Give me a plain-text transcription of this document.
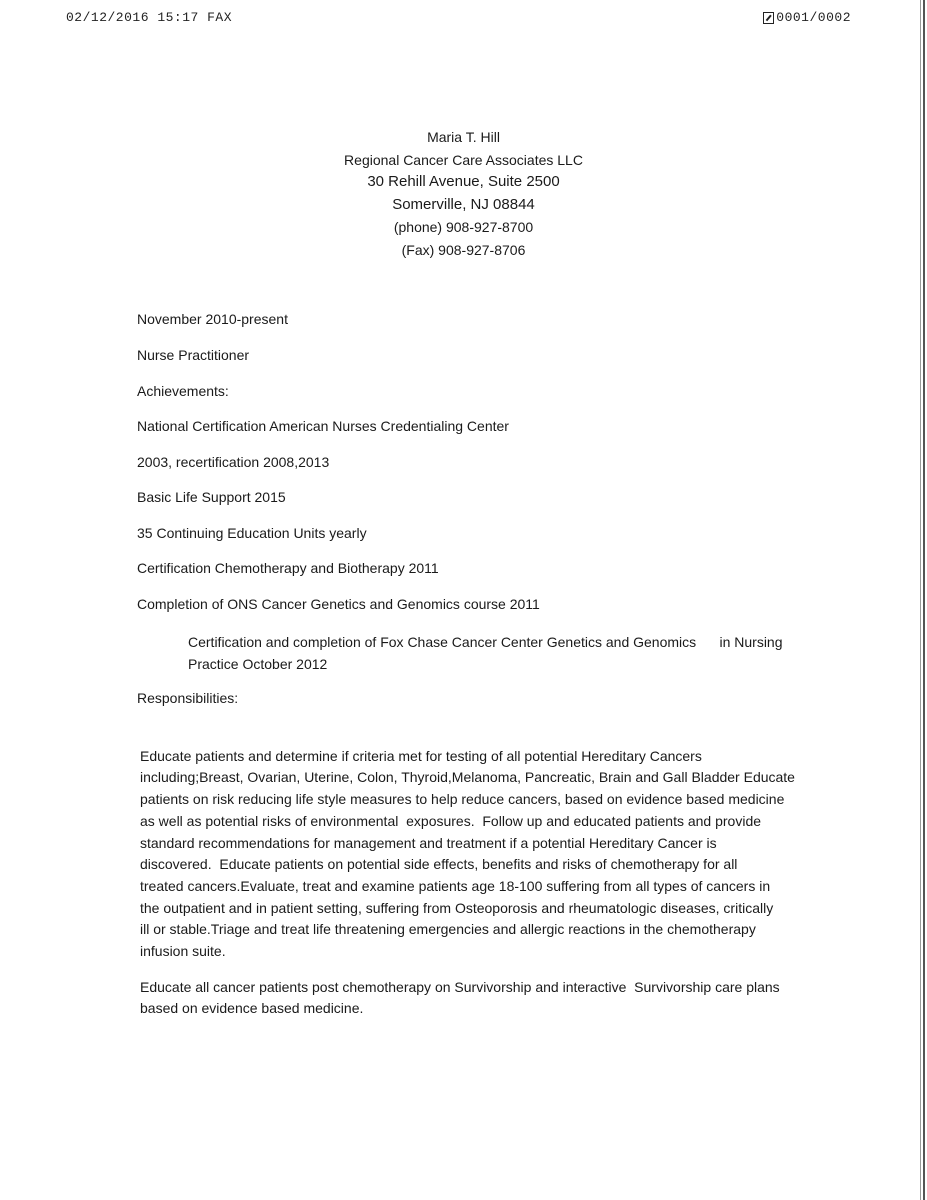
02/12/2016 15:17 FAX	0001/0002
Maria T. Hill
Regional Cancer Care Associates LLC
30 Rehill Avenue, Suite 2500
Somerville, NJ 08844
(phone) 908-927-8700
(Fax) 908-927-8706
November 2010-present
Nurse Practitioner
Achievements:
National Certification American Nurses Credentialing Center
2003, recertification 2008,2013
Basic Life Support 2015
35 Continuing Education Units yearly
Certification Chemotherapy and Biotherapy 2011
Completion of ONS Cancer Genetics and Genomics course 2011
Certification and completion of Fox Chase Cancer Center Genetics and Genomics      in Nursing
Practice October 2012
Responsibilities:

Educate patients and determine if criteria met for testing of all potential Hereditary Cancers
including;Breast, Ovarian, Uterine, Colon, Thyroid,Melanoma, Pancreatic, Brain and Gall Bladder Educate
patients on risk reducing life style measures to help reduce cancers, based on evidence based medicine
as well as potential risks of environmental  exposures.  Follow up and educated patients and provide
standard recommendations for management and treatment if a potential Hereditary Cancer is
discovered.  Educate patients on potential side effects, benefits and risks of chemotherapy for all
treated cancers.Evaluate, treat and examine patients age 18-100 suffering from all types of cancers in
the outpatient and in patient setting, suffering from Osteoporosis and rheumatologic diseases, critically
ill or stable.Triage and treat life threatening emergencies and allergic reactions in the chemotherapy
infusion suite.

Educate all cancer patients post chemotherapy on Survivorship and interactive  Survivorship care plans
based on evidence based medicine.
